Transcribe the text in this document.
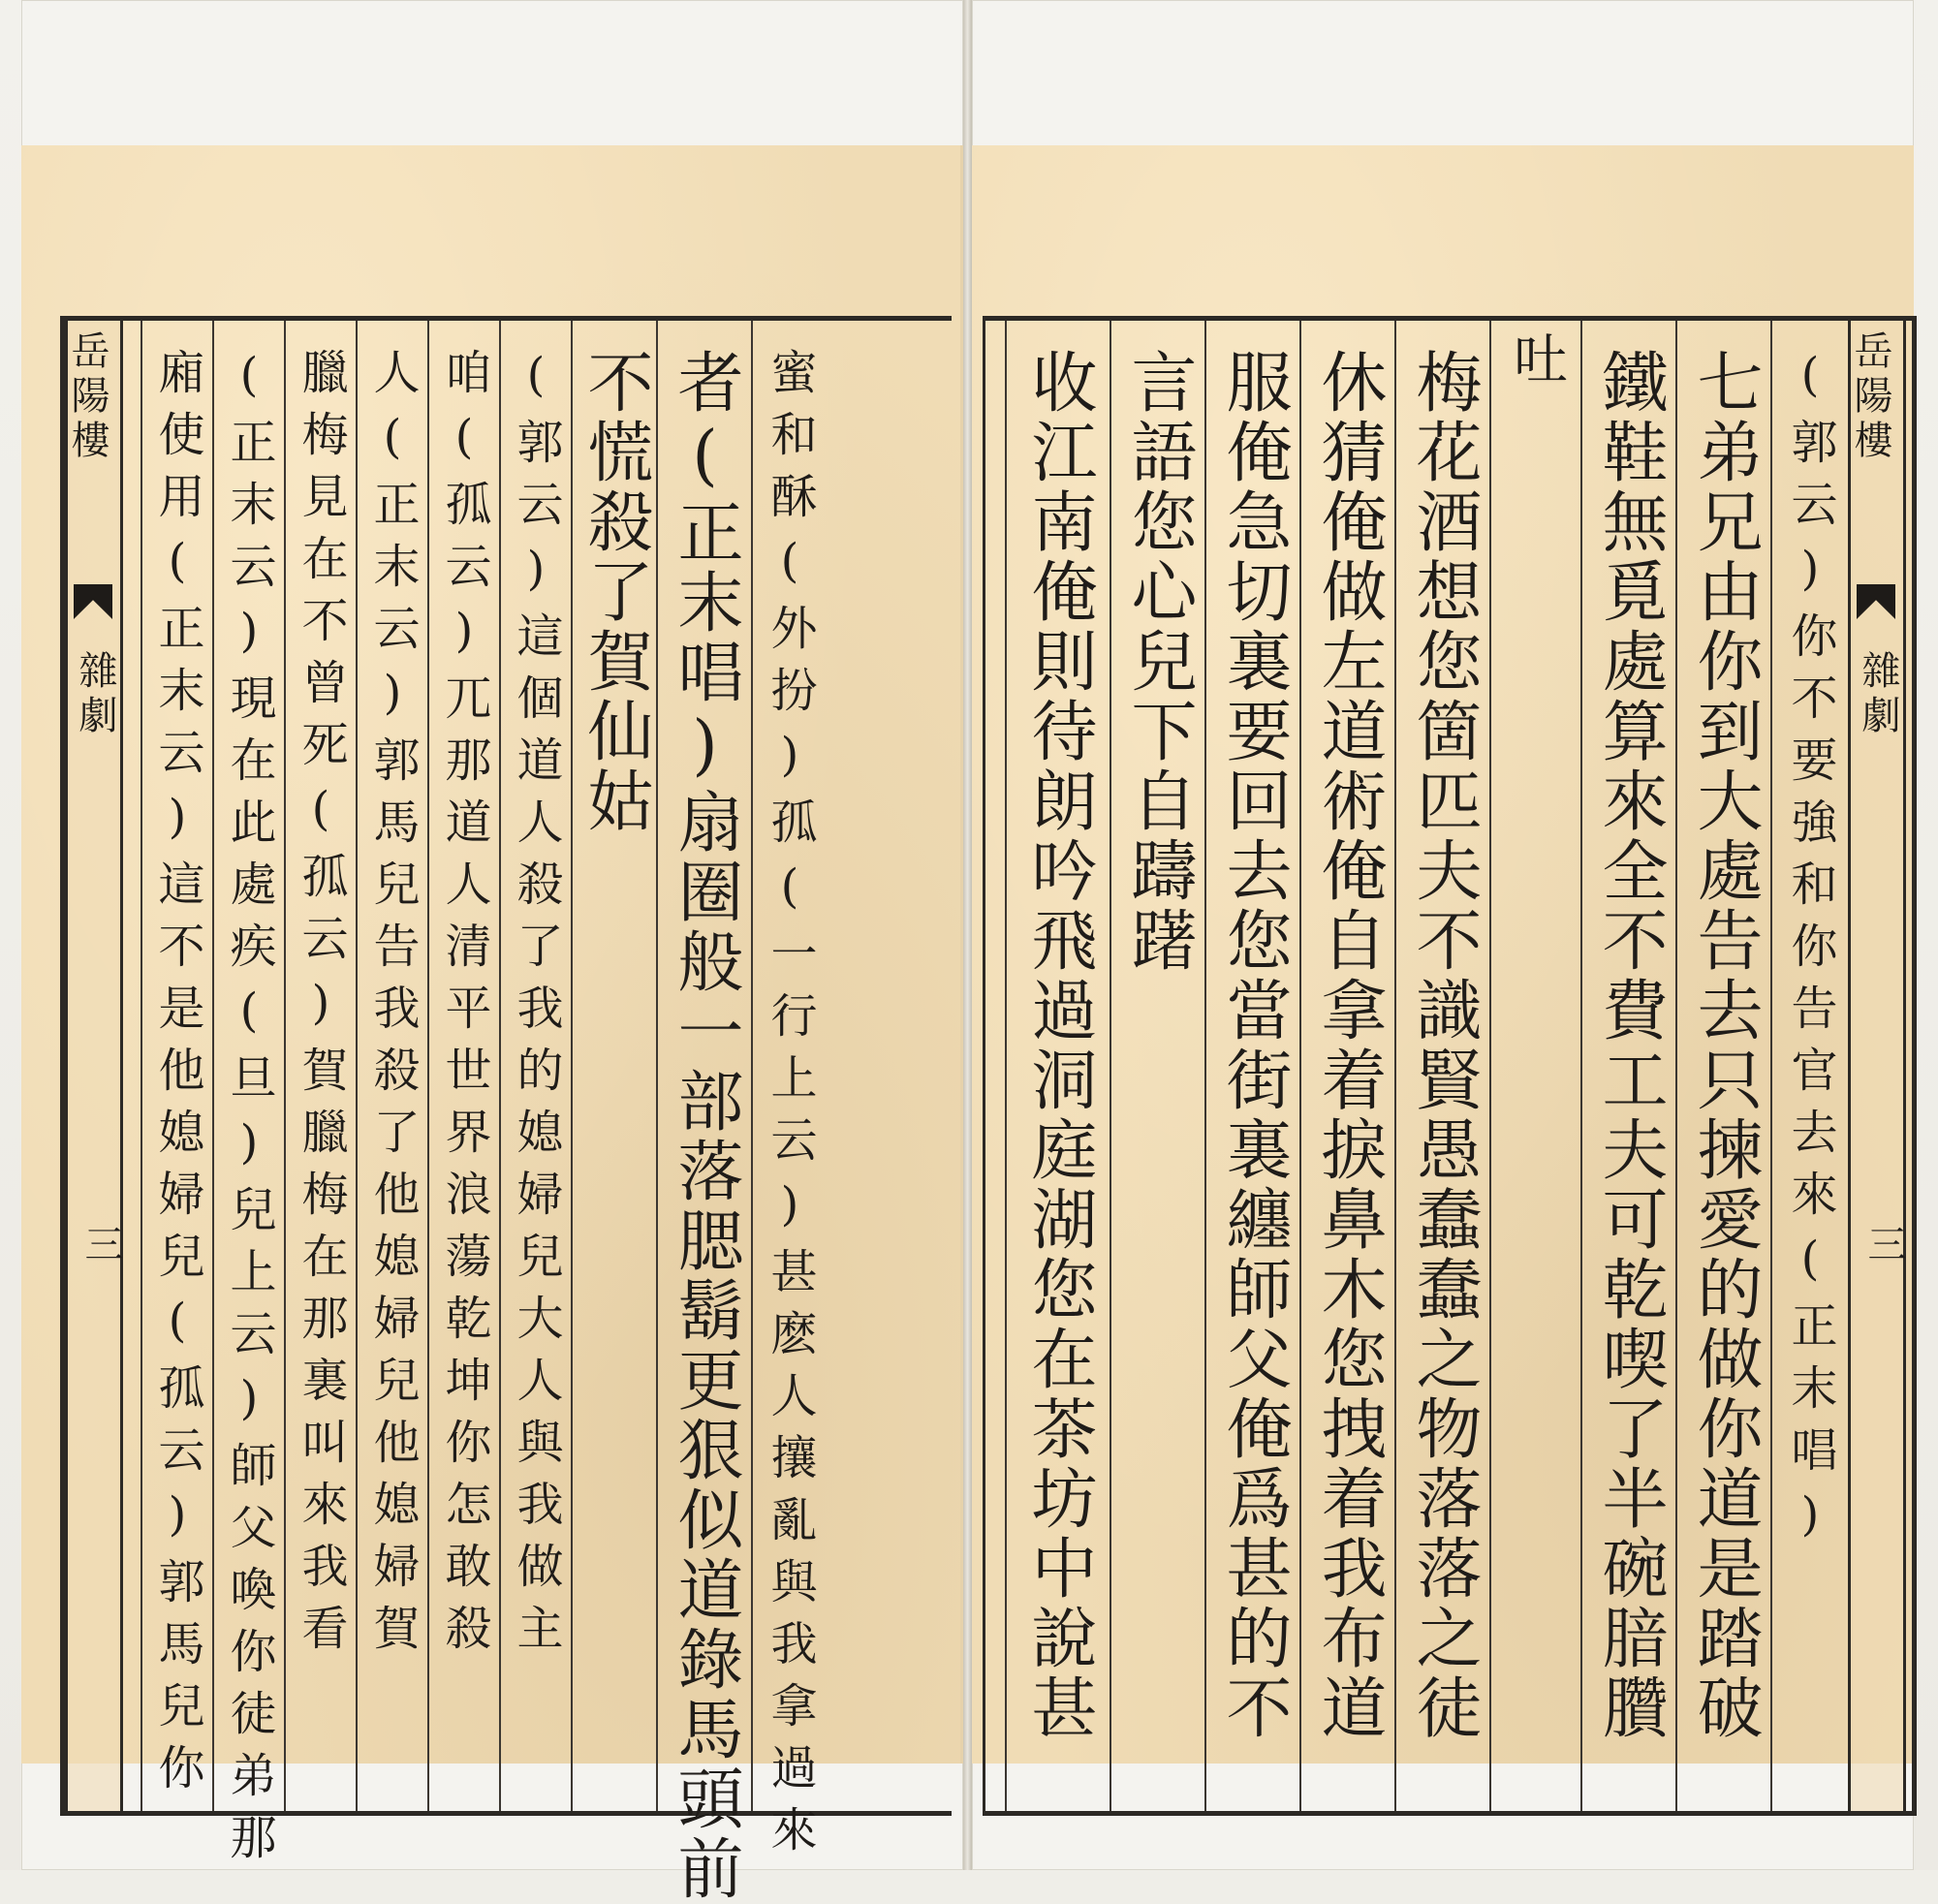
蜜和酥(外扮)孤(一行上云)甚麽人攘亂與我拿過來
者(正末唱)扇圈般一部落腮鬍更狠似道錄馬頭前
不慌殺了賀仙姑
(郭云)這個道人殺了我的媳婦兒大人與我做主
咱(孤云)兀那道人清平世界浪蕩乾坤你怎敢殺
人(正末云)郭馬兒告我殺了他媳婦兒他媳婦賀
臘梅見在不曾死(孤云)賀臘梅在那裏叫來我看
(正末云)現在此處疾(旦)兒上云)師父喚你徒弟那
廂使用(正末云)這不是他媳婦兒(孤云)郭馬兒你
岳陽樓
雜劇
三
岳陽樓
雜劇
三
(郭云)你不要強和你告官去來(正末唱)
七弟兄由你到大處告去只揀愛的做你道是踏破
鐵鞋無覓處算來全不費工夫可乾喫了半碗腤臢
吐
梅花酒想您箇匹夫不識賢愚蠢蠢之物落落之徒
休猜俺做左道術俺自拿着捩鼻木您拽着我布道
服俺急切裏要回去您當街裏纏師父俺爲甚的不
言語您心兒下自躊躇
收江南俺則待朗吟飛過洞庭湖您在茶坊中說甚
